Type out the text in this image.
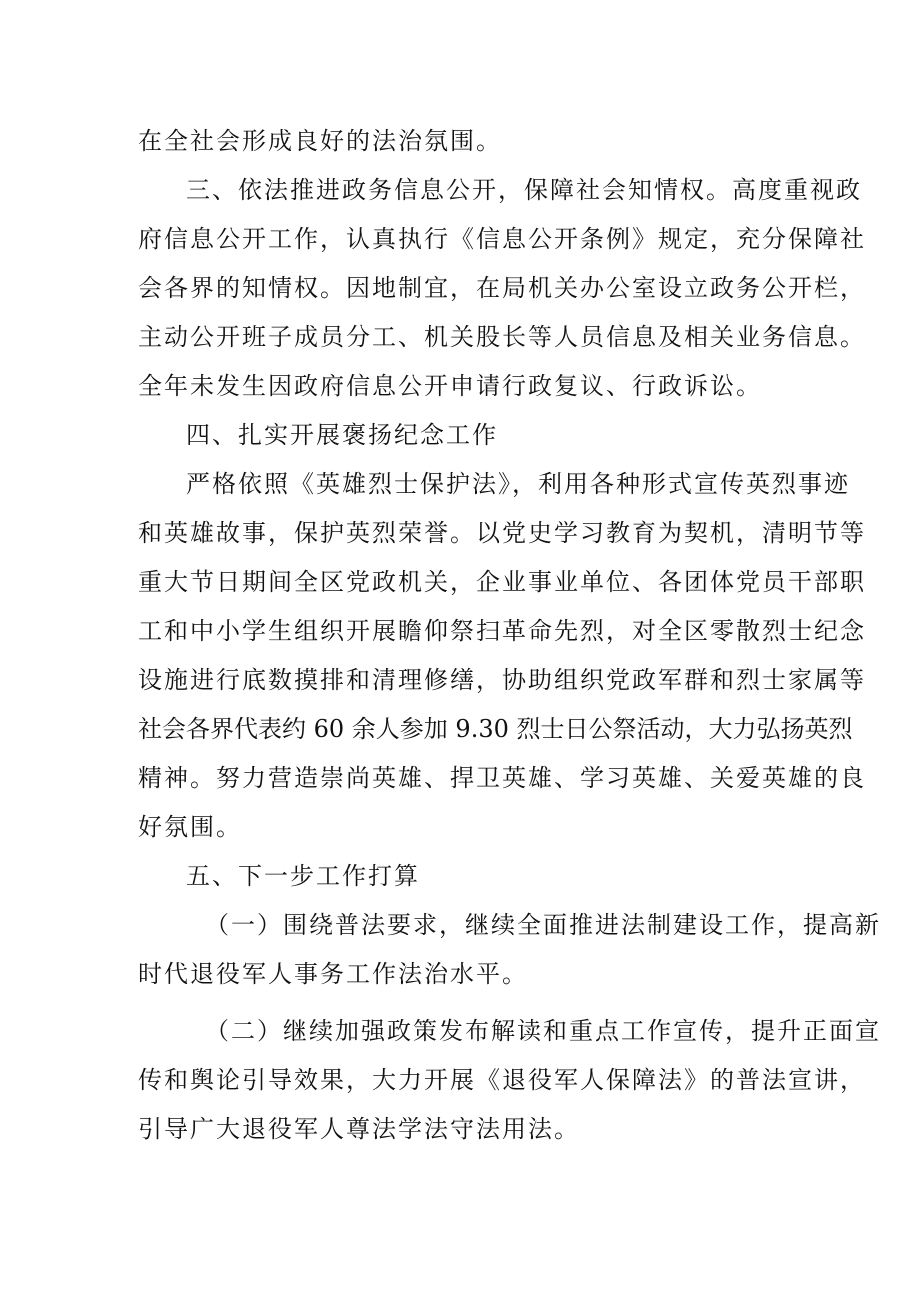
在全社会形成良好的法治氛围。
三、依法推进政务信息公开，保障社会知情权。高度重视政
府信息公开工作，认真执行《信息公开条例》规定，充分保障社
会各界的知情权。因地制宜，在局机关办公室设立政务公开栏，
主动公开班子成员分工、机关股长等人员信息及相关业务信息。
全年未发生因政府信息公开申请行政复议、行政诉讼。
四、扎实开展褒扬纪念工作
严格依照《英雄烈士保护法》，利用各种形式宣传英烈事迹
和英雄故事，保护英烈荣誉。以党史学习教育为契机，清明节等
重大节日期间全区党政机关，企业事业单位、各团体党员干部职
工和中小学生组织开展瞻仰祭扫革命先烈，对全区零散烈士纪念
设施进行底数摸排和清理修缮，协助组织党政军群和烈士家属等
社会各界代表约 60 余人参加 9.30 烈士日公祭活动，大力弘扬英烈
精神。努力营造崇尚英雄、捍卫英雄、学习英雄、关爱英雄的良
好氛围。
五、下一步工作打算
（一）围绕普法要求，继续全面推进法制建设工作，提高新
时代退役军人事务工作法治水平。
（二）继续加强政策发布解读和重点工作宣传，提升正面宣
传和舆论引导效果，大力开展《退役军人保障法》的普法宣讲，
引导广大退役军人尊法学法守法用法。
